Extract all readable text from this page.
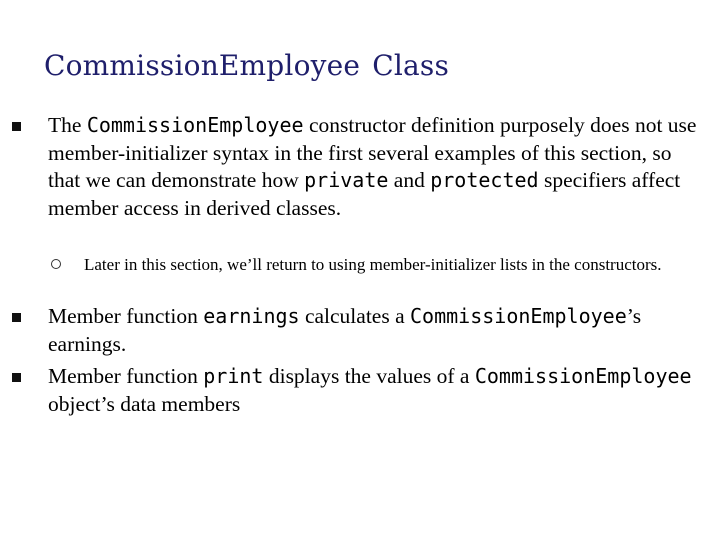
CommissionEmployee Class
The CommissionEmployee constructor definition purposely does not use member-initializer syntax in the first several examples of this section, so that we can demonstrate how private and protected specifiers affect member access in derived classes.
Later in this section, we’ll return to using member-initializer lists in the constructors.
Member function earnings calculates a CommissionEmployee’s earnings.
Member function print displays the values of a CommissionEmployee object’s data members
